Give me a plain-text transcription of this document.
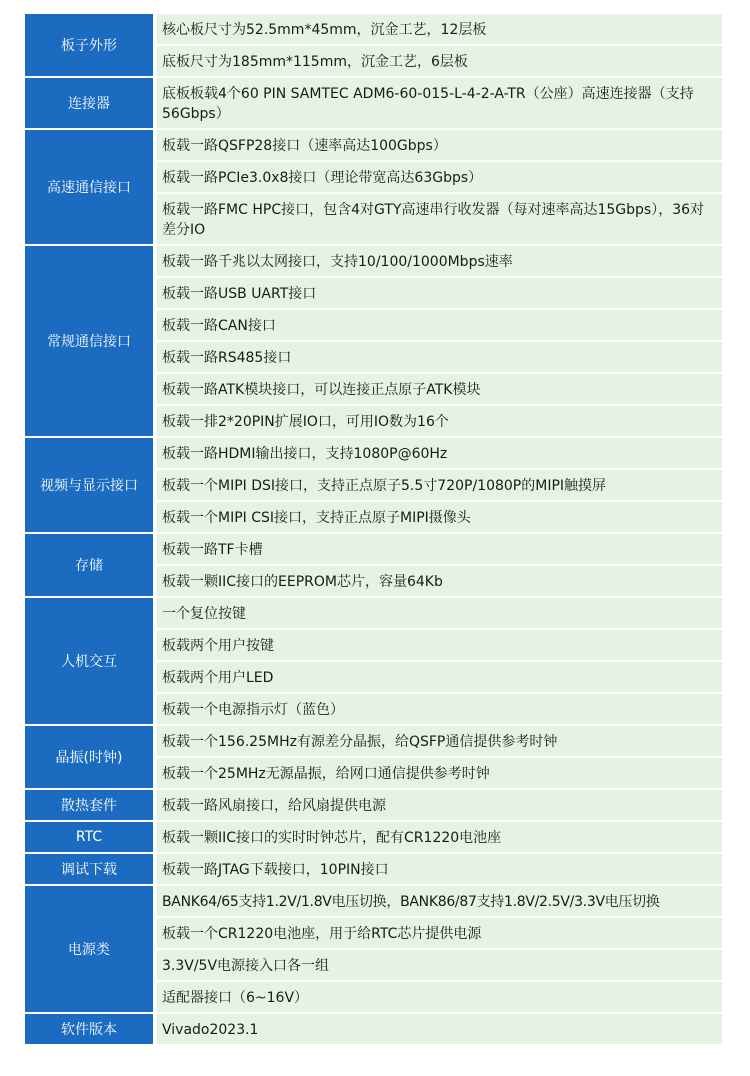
板子外形	核心板尺寸为52.5mm*45mm，沉金工艺，12层板
	底板尺寸为185mm*115mm，沉金工艺，6层板
连接器	底板板载4个60 PIN SAMTEC ADM6-60-015-L-4-2-A-TR（公座）高速连接器（支持56Gbps）
高速通信接口	板载一路QSFP28接口（速率高达100Gbps）
	板载一路PCIe3.0x8接口（理论带宽高达63Gbps）
	板载一路FMC HPC接口，包含4对GTY高速串行收发器（每对速率高达15Gbps），36对差分IO
常规通信接口	板载一路千兆以太网接口，支持10/100/1000Mbps速率
	板载一路USB UART接口
	板载一路CAN接口
	板载一路RS485接口
	板载一路ATK模块接口，可以连接正点原子ATK模块
	板载一排2*20PIN扩展IO口，可用IO数为16个
视频与显示接口	板载一路HDMI输出接口，支持1080P@60Hz
	板载一个MIPI DSI接口，支持正点原子5.5寸720P/1080P的MIPI触摸屏
	板载一个MIPI CSI接口，支持正点原子MIPI摄像头
存储	板载一路TF卡槽
	板载一颗IIC接口的EEPROM芯片，容量64Kb
人机交互	一个复位按键
	板载两个用户按键
	板载两个用户LED
	板载一个电源指示灯（蓝色）
晶振(时钟)	板载一个156.25MHz有源差分晶振，给QSFP通信提供参考时钟
	板载一个25MHz无源晶振，给网口通信提供参考时钟
散热套件	板载一路风扇接口，给风扇提供电源
RTC	板载一颗IIC接口的实时时钟芯片，配有CR1220电池座
调试下载	板载一路JTAG下载接口，10PIN接口
电源类	BANK64/65支持1.2V/1.8V电压切换，BANK86/87支持1.8V/2.5V/3.3V电压切换
	板载一个CR1220电池座，用于给RTC芯片提供电源
	3.3V/5V电源接入口各一组
	适配器接口（6~16V）
软件版本	Vivado2023.1
